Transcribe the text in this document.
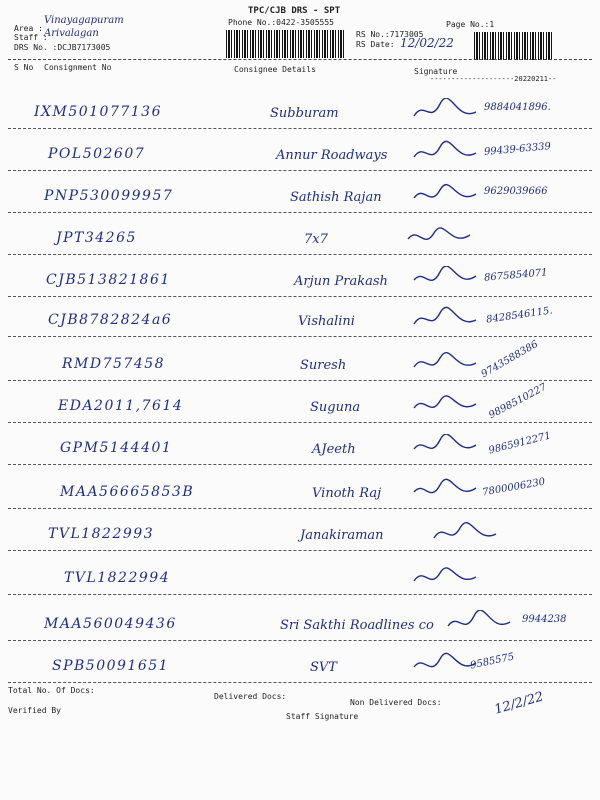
TPC/CJB DRS - SPT
Phone No.:0422-3505555	Page No.:1
Area :
Vinayagapuram
Staff :
Arivalagan
DRS No. :DCJB7173005
RS No.:7173005
RS Date: 12/02/22
S No Consignment No	Consignee Details	Signature
--------------------20220211--
IXM501077136	Subburam	9884041896.
POL502607	Annur Roadways	99439-63339
PNP530099957	Sathish Rajan	9629039666
JPT34265	7x7
CJB513821861	Arjun Prakash	8675854071
CJB8782824a6	Vishalini	8428546115.
RMD757458	Suresh	9743588386
EDA2011,7614	Suguna	9898510227
GPM5144401	AJeeth	9865912271
MAA56665853B	Vinoth Raj	7800006230
TVL1822993	Janakiraman
TVL1822994
MAA560049436	Sri Sakthi Roadlines co	9944238
SPB50091651	SVT	9585575
Total No. Of Docs:
Delivered Docs:
Non Delivered Docs:
Verified By
Staff Signature	12/2/22
